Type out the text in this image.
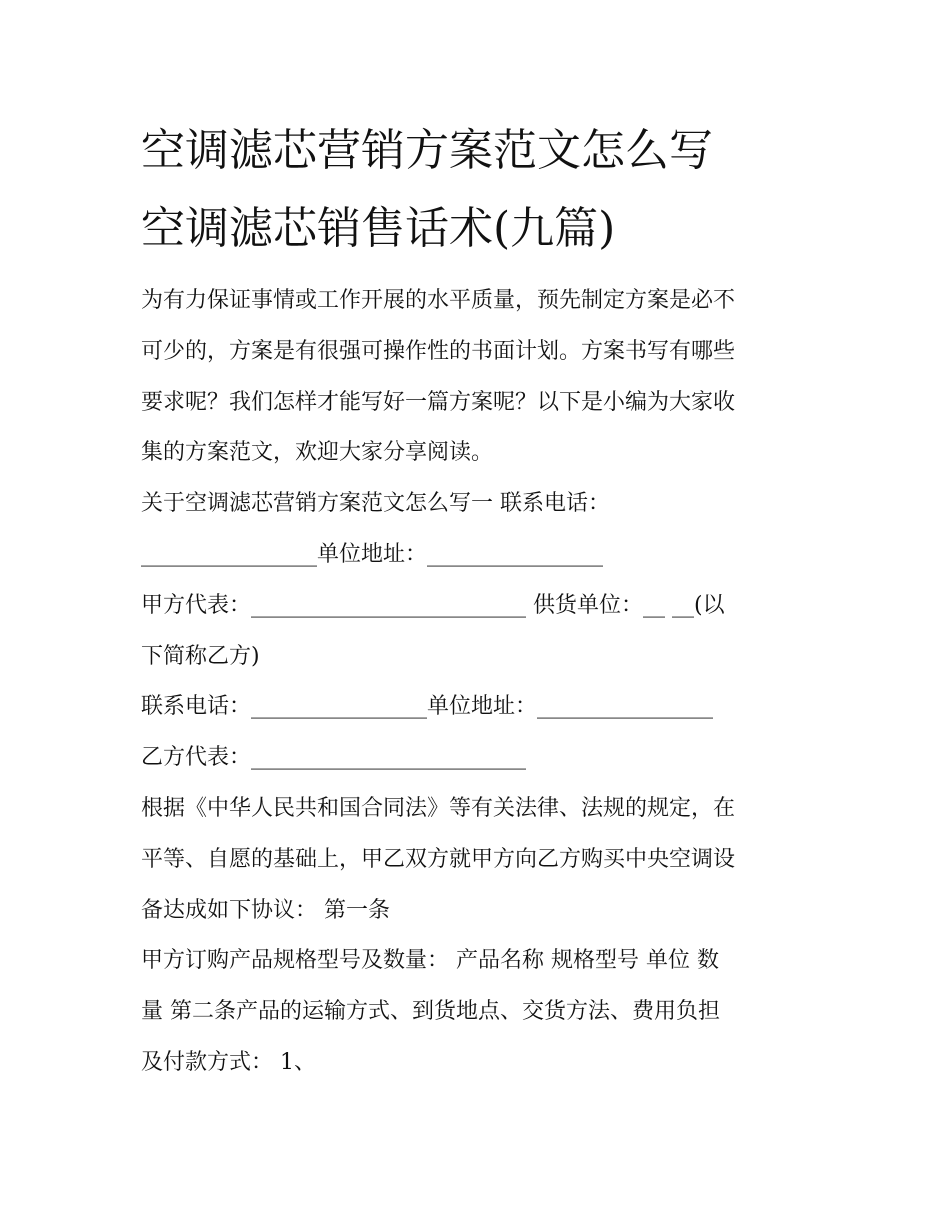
空调滤芯营销方案范文怎么写
空调滤芯销售话术(九篇)
为有力保证事情或工作开展的水平质量，预先制定方案是必不
可少的，方案是有很强可操作性的书面计划。方案书写有哪些
要求呢？我们怎样才能写好一篇方案呢？以下是小编为大家收
集的方案范文，欢迎大家分享阅读。
关于空调滤芯营销方案范文怎么写一 联系电话：
________________单位地址：________________
甲方代表：_________________________ 供货单位：__ __(以
下简称乙方)
联系电话：________________单位地址：________________
乙方代表：_________________________
根据《中华人民共和国合同法》等有关法律、法规的规定，在
平等、自愿的基础上，甲乙双方就甲方向乙方购买中央空调设
备达成如下协议： 第一条
甲方订购产品规格型号及数量： 产品名称 规格型号 单位 数
量 第二条产品的运输方式、到货地点、交货方法、费用负担
及付款方式： 1、
